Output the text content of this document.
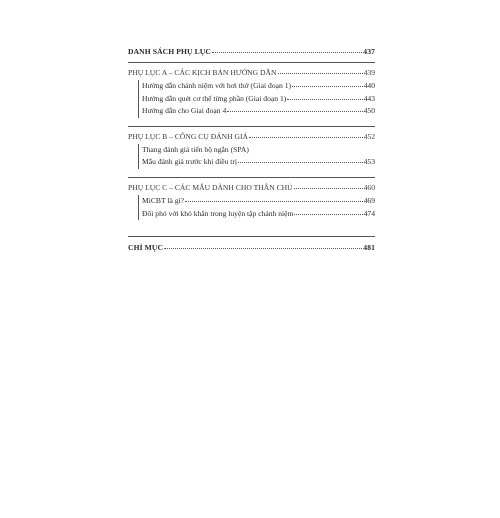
DANH SÁCH PHỤ LỤC	437
PHỤ LỤC A – CÁC KỊCH BẢN HƯỚNG DẪN	439
Hướng dẫn chánh niệm với hơi thở (Giai đoạn 1)	440
Hướng dẫn quét cơ thể từng phần (Giai đoạn 1)	443
Hướng dẫn cho Giai đoạn 4	450
PHỤ LỤC B – CÔNG CỤ ĐÁNH GIÁ	452
Thang đánh giá tiến bộ ngắn (SPA)
Mẫu đánh giá trước khi điều trị	453
PHỤ LỤC C – CÁC MẪU DÀNH CHO THÂN CHỦ	460
MiCBT là gì?	469
Đối phó với khó khăn trong luyện tập chánh niệm	474
CHỈ MỤC	481
